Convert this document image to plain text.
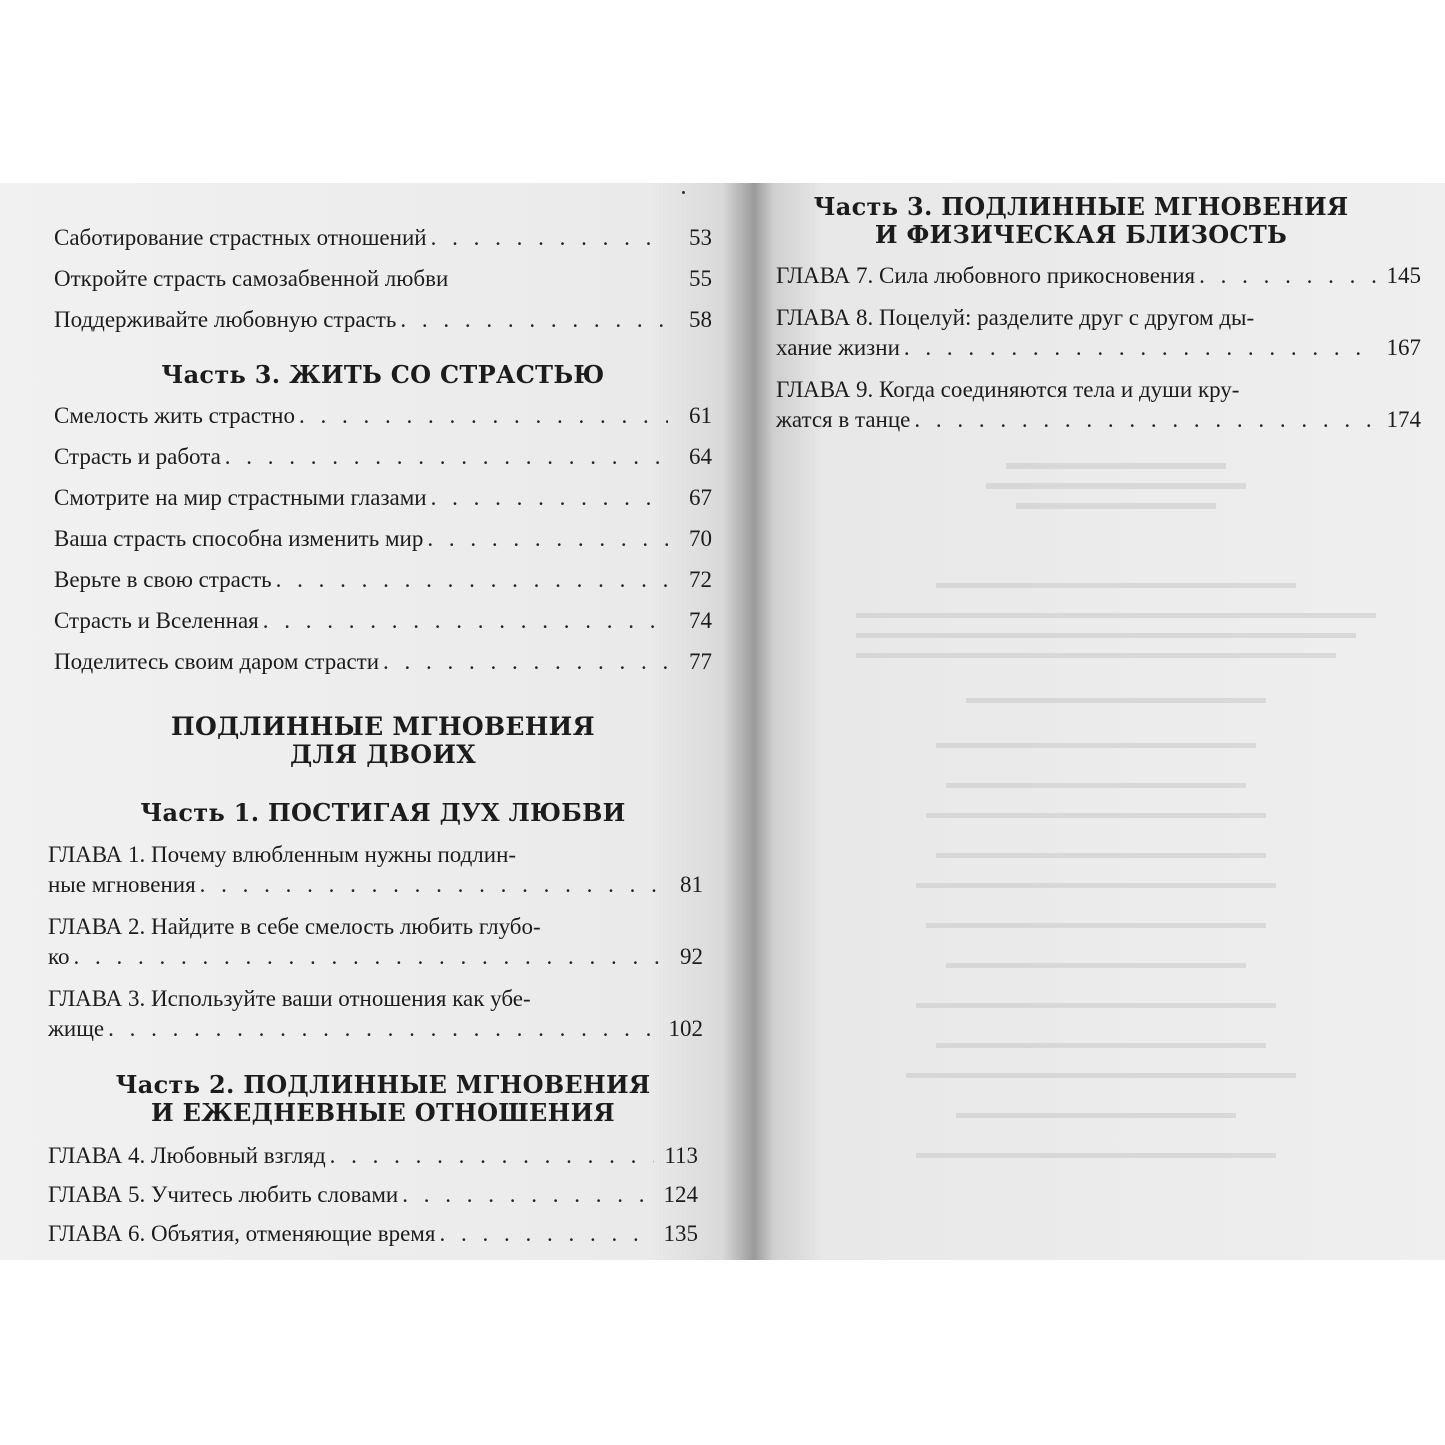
Саботирование страстных отношений . . .	53
Откройте страсть самозабвенной любви	55
Поддерживайте любовную страсть . . .	58
Часть 3. ЖИТЬ СО СТРАСТЬЮ
Смелость жить страстно . . .	61
Страсть и работа . . .	64
Смотрите на мир страстными глазами . . .	67
Ваша страсть способна изменить мир . . .	70
Верьте в свою страсть . . .	72
Страсть и Вселенная . . .	74
Поделитесь своим даром страсти . . .	77
ПОДЛИННЫЕ МГНОВЕНИЯ
ДЛЯ ДВОИХ
Часть 1. ПОСТИГАЯ ДУХ ЛЮБВИ
ГЛАВА 1. Почему влюбленным нужны подлин-
ные мгновения . . .	81
ГЛАВА 2. Найдите в себе смелость любить глубо-
ко . . .	92
ГЛАВА 3. Используйте ваши отношения как убе-
жище . . .	102
Часть 2. ПОДЛИННЫЕ МГНОВЕНИЯ
И ЕЖЕДНЕВНЫЕ ОТНОШЕНИЯ
ГЛАВА 4. Любовный взгляд . . .	113
ГЛАВА 5. Учитесь любить словами . . .	124
ГЛАВА 6. Объятия, отменяющие время . . .	135
Часть 3. ПОДЛИННЫЕ МГНОВЕНИЯ
И ФИЗИЧЕСКАЯ БЛИЗОСТЬ
ГЛАВА 7. Сила любовного прикосновения . . .	145
ГЛАВА 8. Поцелуй: разделите друг с другом ды-
хание жизни . . .	167
ГЛАВА 9. Когда соединяются тела и души кру-
жатся в танце . . .	174
